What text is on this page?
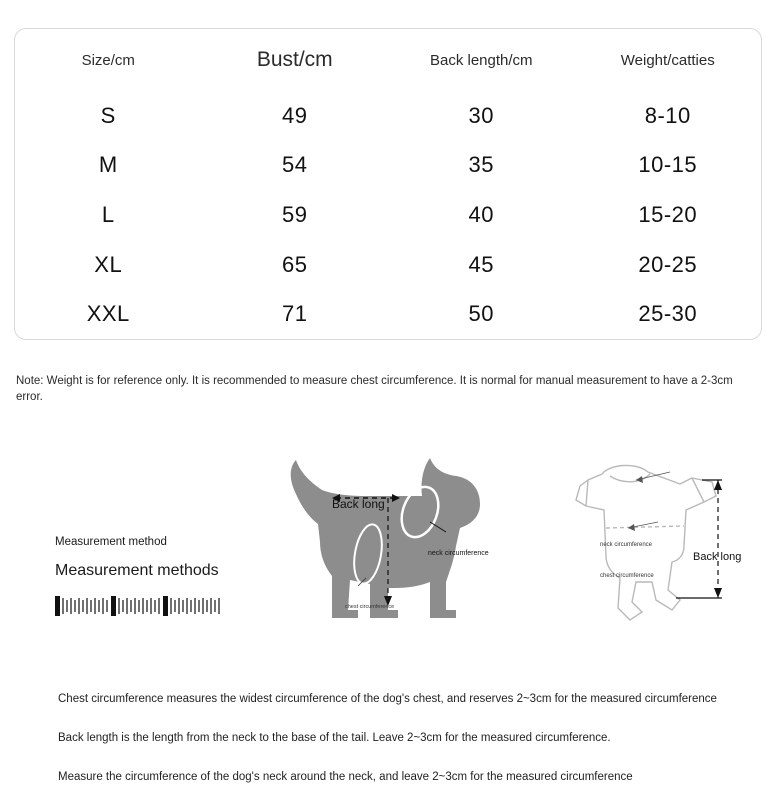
Size/cm	Bust/cm	Back length/cm	Weight/catties
S	49	30	8-10
M	54	35	10-15
L	59	40	15-20
XL	65	45	20-25
XXL	71	50	25-30
Note: Weight is for reference only. It is recommended to measure chest circumference. It is normal for manual measurement to have a 2-3cm error.
Measurement method
Measurement methods
Back long
neck circumference
chest circumference
neck circumference
chest circumference
Back long

Chest circumference measures the widest circumference of the dog's chest, and reserves 2~3cm for the measured circumference

Back length is the length from the neck to the base of the tail. Leave 2~3cm for the measured circumference.

Measure the circumference of the dog's neck around the neck, and leave 2~3cm for the measured circumference
